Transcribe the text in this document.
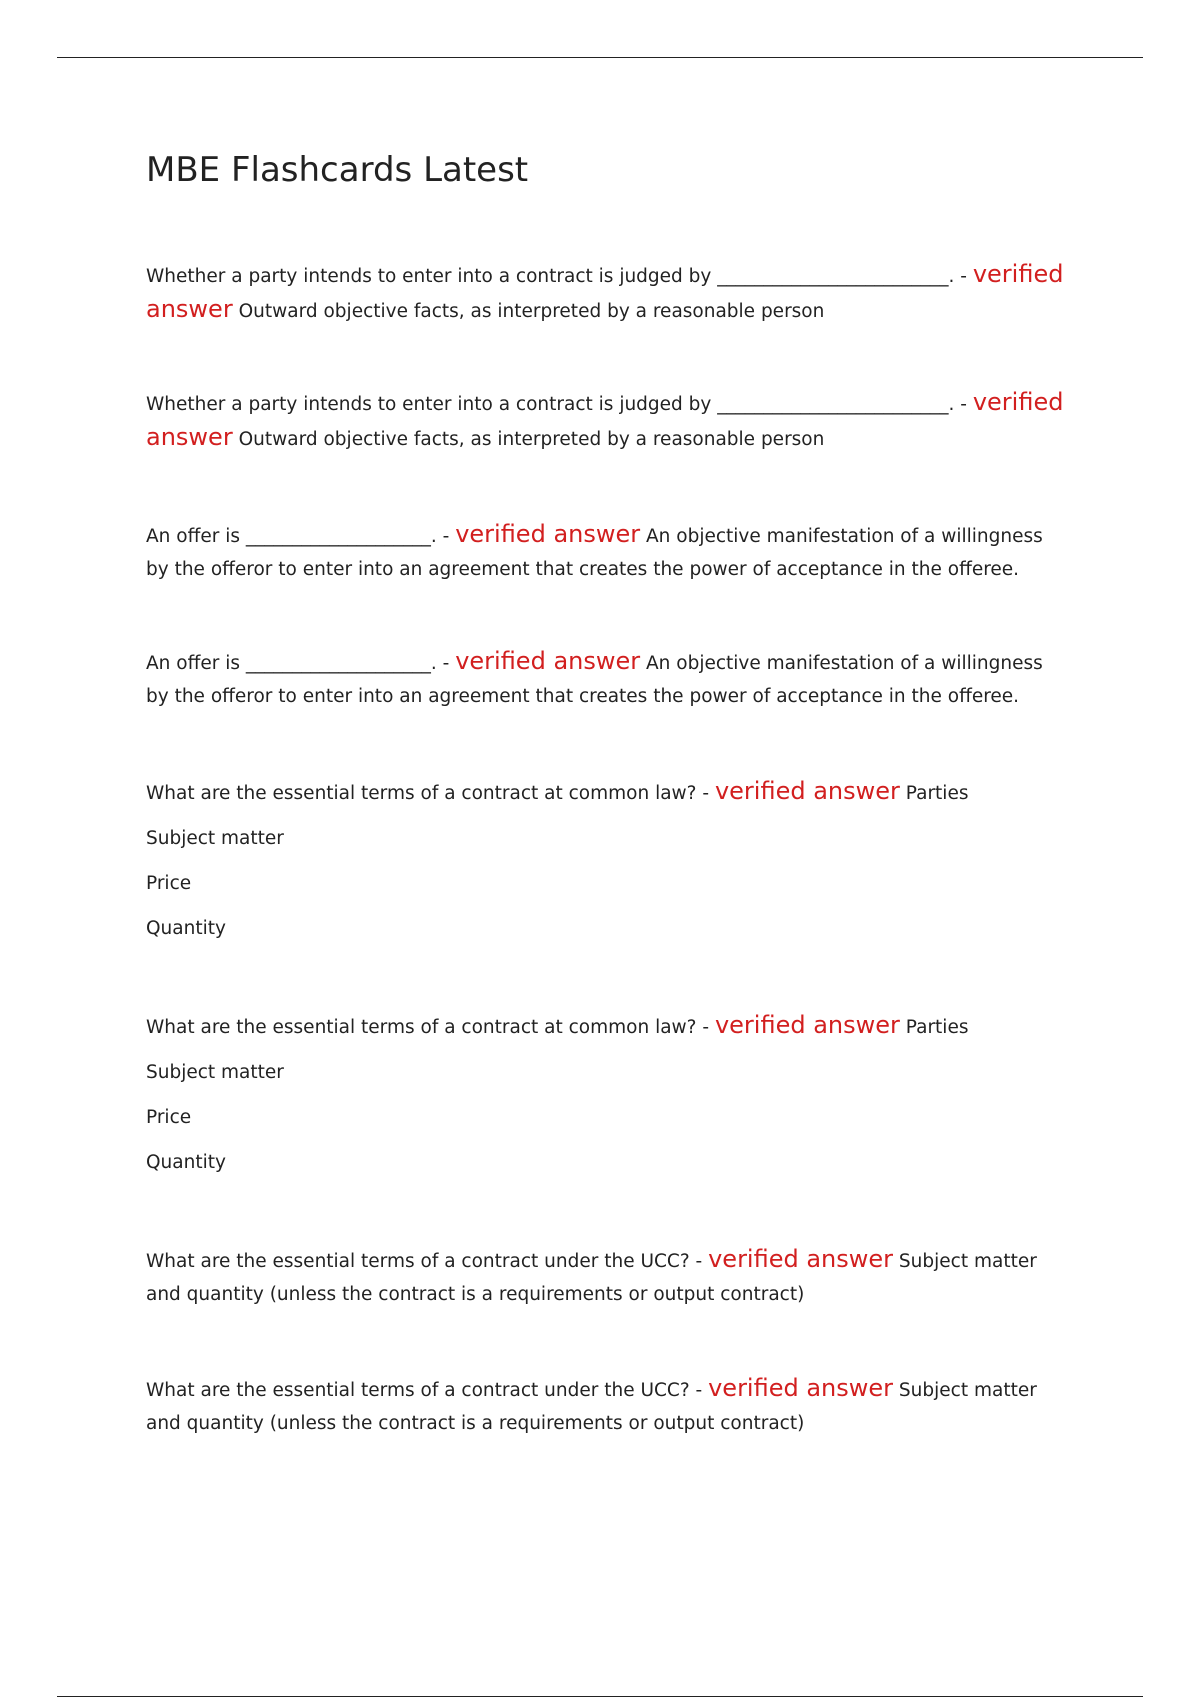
MBE Flashcards Latest

Whether a party intends to enter into a contract is judged by _________________________. - verified answer Outward objective facts, as interpreted by a reasonable person

Whether a party intends to enter into a contract is judged by _________________________. - verified answer Outward objective facts, as interpreted by a reasonable person

An offer is ____________________. - verified answer An objective manifestation of a willingness by the offeror to enter into an agreement that creates the power of acceptance in the offeree.

An offer is ____________________. - verified answer An objective manifestation of a willingness by the offeror to enter into an agreement that creates the power of acceptance in the offeree.

What are the essential terms of a contract at common law? - verified answer Parties

Subject matter

Price

Quantity

What are the essential terms of a contract at common law? - verified answer Parties

Subject matter

Price

Quantity

What are the essential terms of a contract under the UCC? - verified answer Subject matter and quantity (unless the contract is a requirements or output contract)

What are the essential terms of a contract under the UCC? - verified answer Subject matter and quantity (unless the contract is a requirements or output contract)
